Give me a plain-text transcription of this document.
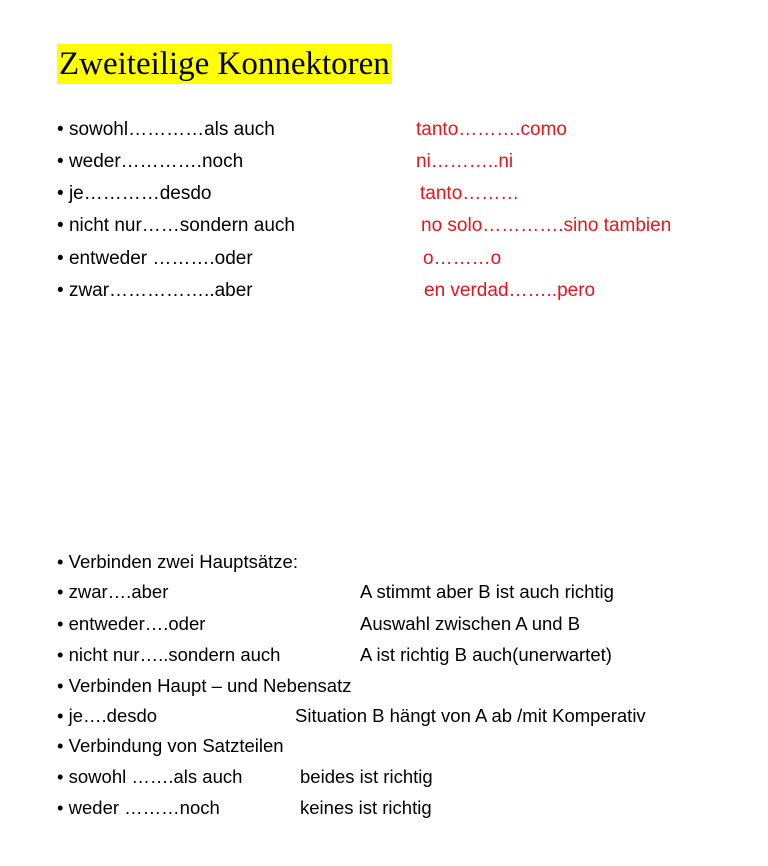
Zweiteilige Konnektoren
• sowohl…………als auch	tanto……….como
• weder………….noch	ni………..ni
• je…………desdo	tanto………
• nicht nur……sondern auch	no solo………….sino tambien
• entweder ……….oder	o………o
• zwar……………..aber	en verdad……..pero
• Verbinden zwei Hauptsätze:
• zwar….aber	A stimmt aber B ist auch richtig
• entweder….oder	Auswahl zwischen A und B
• nicht nur…..sondern auch	A ist richtig B auch(unerwartet)
• Verbinden Haupt – und Nebensatz
• je….desdo	Situation B hängt von A ab /mit Komperativ
• Verbindung von Satzteilen
• sowohl …….als auch	beides ist richtig
• weder ………noch	keines ist richtig
